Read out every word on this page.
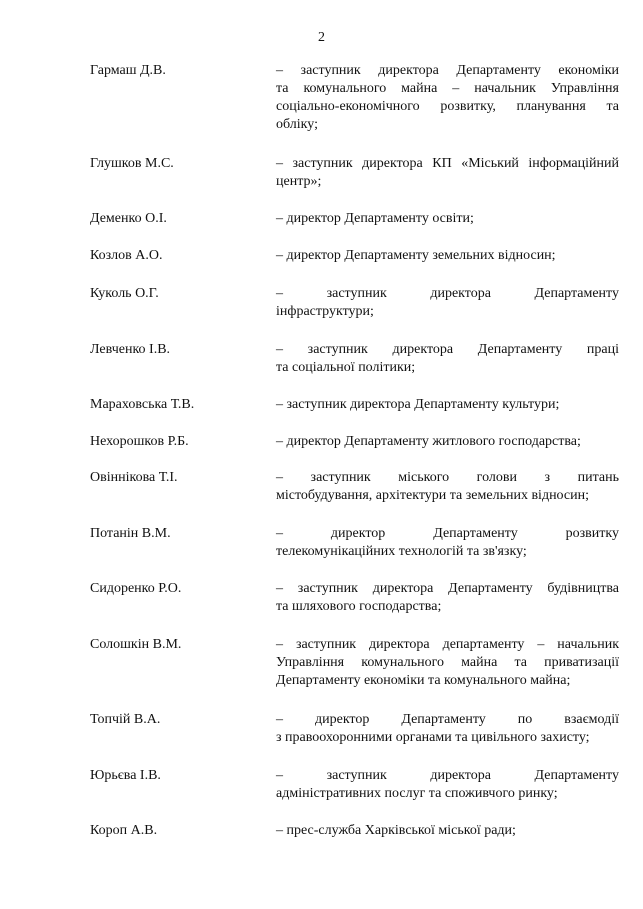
2
Гармаш Д.В.	– заступник директора Департаменту економіки
та комунального майна – начальник Управління
соціально-економічного розвитку, планування та
обліку;
Глушков М.С.	– заступник директора КП «Міський інформаційний
центр»;
Деменко О.І.	– директор Департаменту освіти;
Козлов А.О.	– директор Департаменту земельних відносин;
Куколь О.Г.	– заступник директора Департаменту
інфраструктури;
Левченко І.В.	– заступник директора Департаменту праці
та соціальної політики;
Мараховська Т.В.	– заступник директора Департаменту культури;
Нехорошков Р.Б.	– директор Департаменту житлового господарства;
Овіннікова Т.І.	– заступник міського голови з питань
містобудування, архітектури та земельних відносин;
Потанін В.М.	– директор Департаменту розвитку
телекомунікаційних технологій та зв'язку;
Сидоренко Р.О.	– заступник директора Департаменту будівництва
та шляхового господарства;
Солошкін В.М.	– заступник директора департаменту – начальник
Управління комунального майна та приватизації
Департаменту економіки та комунального майна;
Топчій В.А.	– директор Департаменту по взаємодії
з правоохоронними органами та цивільного захисту;
Юрьєва І.В.	– заступник директора Департаменту
адміністративних послуг та споживчого ринку;
Короп А.В.	– прес-служба Харківської міської ради;
